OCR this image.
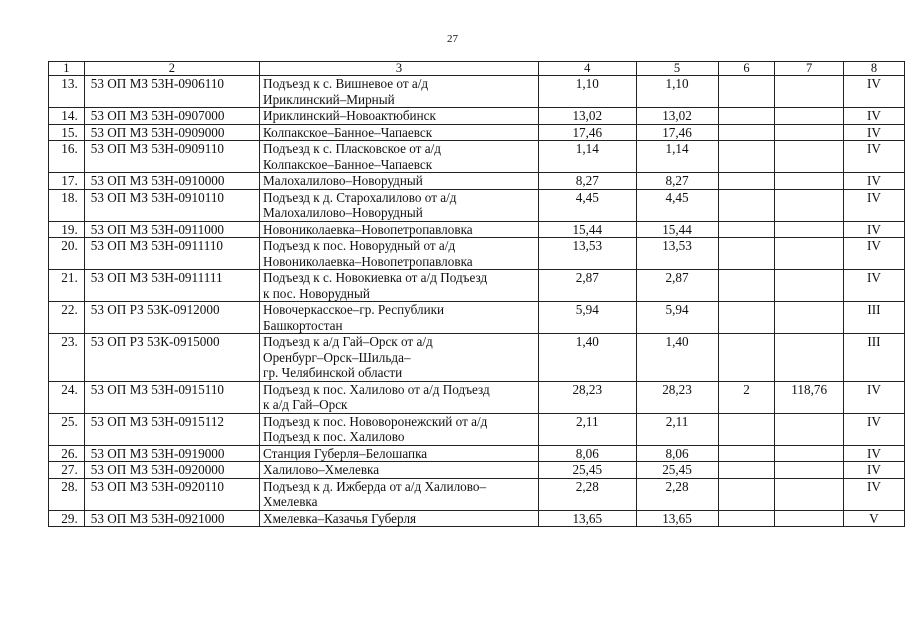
27
1	2	3	4	5	6	7	8
13.	53 ОП МЗ 53Н-0906110	Подъезд к с. Вишневое от а/д
Ириклинский–Мирный	1,10	1,10			IV
14.	53 ОП МЗ 53Н-0907000	Ириклинский–Новоактюбинск	13,02	13,02			IV
15.	53 ОП МЗ 53Н-0909000	Колпакское–Банное–Чапаевск	17,46	17,46			IV
16.	53 ОП МЗ 53Н-0909110	Подъезд к с. Пласковское от а/д
Колпакское–Банное–Чапаевск	1,14	1,14			IV
17.	53 ОП МЗ 53Н-0910000	Малохалилово–Новорудный	8,27	8,27			IV
18.	53 ОП МЗ 53Н-0910110	Подъезд к д. Старохалилово от а/д
Малохалилово–Новорудный	4,45	4,45			IV
19.	53 ОП МЗ 53Н-0911000	Новониколаевка–Новопетропавловка	15,44	15,44			IV
20.	53 ОП МЗ 53Н-0911110	Подъезд к пос. Новорудный от а/д
Новониколаевка–Новопетропавловка	13,53	13,53			IV
21.	53 ОП МЗ 53Н-0911111	Подъезд к с. Новокиевка от а/д Подъезд
к пос. Новорудный	2,87	2,87			IV
22.	53 ОП РЗ 53К-0912000	Новочеркасское–гр. Республики
Башкортостан	5,94	5,94			III
23.	53 ОП РЗ 53К-0915000	Подъезд к а/д Гай–Орск от а/д
Оренбург–Орск–Шильда–
гр. Челябинской области	1,40	1,40			III
24.	53 ОП МЗ 53Н-0915110	Подъезд к пос. Халилово от а/д Подъезд
к а/д Гай–Орск	28,23	28,23	2	118,76	IV
25.	53 ОП МЗ 53Н-0915112	Подъезд к пос. Нововоронежский от а/д
Подъезд к пос. Халилово	2,11	2,11			IV
26.	53 ОП МЗ 53Н-0919000	Станция Губерля–Белошапка	8,06	8,06			IV
27.	53 ОП МЗ 53Н-0920000	Халилово–Хмелевка	25,45	25,45			IV
28.	53 ОП МЗ 53Н-0920110	Подъезд к д. Ижберда от а/д Халилово–
Хмелевка	2,28	2,28			IV
29.	53 ОП МЗ 53Н-0921000	Хмелевка–Казачья Губерля	13,65	13,65			V
